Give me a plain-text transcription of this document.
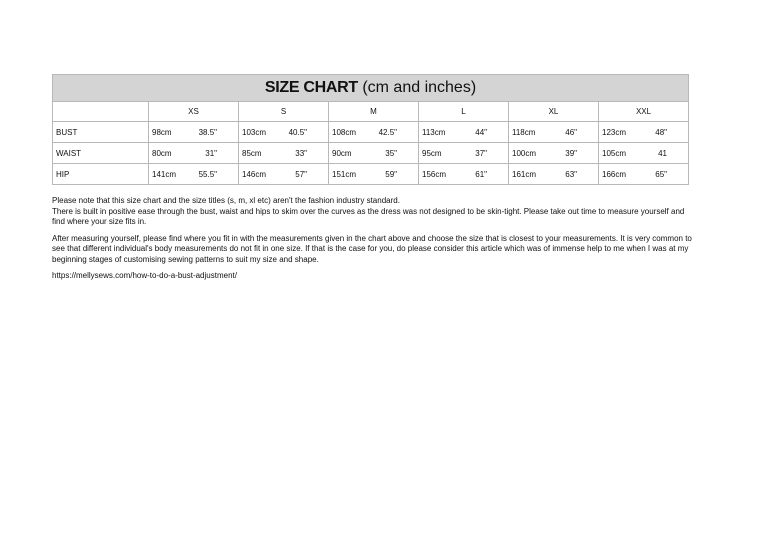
SIZE CHART (cm and inches)						
	XS	S	M	L	XL	XXL
BUST	98cm 38.5"	103cm 40.5"	108cm 42.5"	113cm 44"	118cm 46"	123cm 48"

WAIST	80cm 31"	85cm 33"	90cm 35"	95cm 37"	100cm 39"	105cm 41

HIP	141cm 55.5"	146cm 57"	151cm 59"	156cm 61"	161cm 63"	166cm 65"

Please note that this size chart and the size titles (s, m, xl etc) aren't the fashion industry standard.

There is built in positive ease through the bust, waist and hips to skim over the curves as the dress was not designed to be skin-tight. Please take out time to measure yourself and find where your size fits in.

After measuring yourself, please find where you fit in with the measurements given in the chart above and choose the size that is closest to your measurements. It is very common to see that different individual's body measurements do not fit in one size. If that is the case for you, do please consider this article which was of immense help to me when I was at my beginning stages of customising sewing patterns to suit my size and shape.

https://mellysews.com/how-to-do-a-bust-adjustment/
